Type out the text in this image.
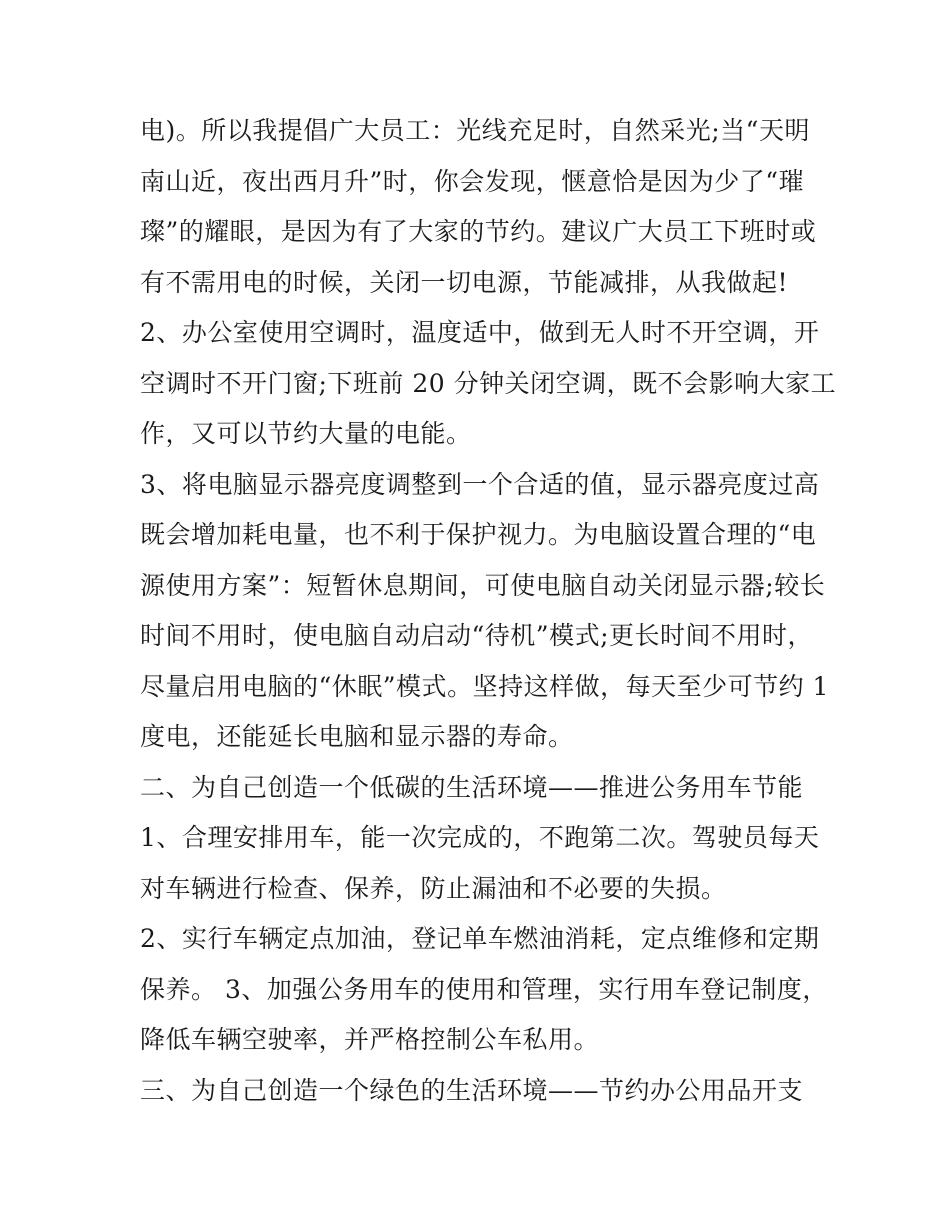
电)。所以我提倡广大员工：光线充足时，自然采光;当“天明
南山近，夜出西月升”时，你会发现，惬意恰是因为少了“璀
璨”的耀眼，是因为有了大家的节约。建议广大员工下班时或
有不需用电的时候，关闭一切电源，节能减排，从我做起!
2、办公室使用空调时，温度适中，做到无人时不开空调，开
空调时不开门窗;下班前 20 分钟关闭空调，既不会影响大家工
作，又可以节约大量的电能。
3、将电脑显示器亮度调整到一个合适的值，显示器亮度过高
既会增加耗电量，也不利于保护视力。为电脑设置合理的“电
源使用方案”：短暂休息期间，可使电脑自动关闭显示器;较长
时间不用时，使电脑自动启动“待机”模式;更长时间不用时，
尽量启用电脑的“休眠”模式。坚持这样做，每天至少可节约 1
度电，还能延长电脑和显示器的寿命。
二、为自己创造一个低碳的生活环境——推进公务用车节能
1、合理安排用车，能一次完成的，不跑第二次。驾驶员每天
对车辆进行检查、保养，防止漏油和不必要的失损。
2、实行车辆定点加油，登记单车燃油消耗，定点维修和定期
保养。 3、加强公务用车的使用和管理，实行用车登记制度，
降低车辆空驶率，并严格控制公车私用。
三、为自己创造一个绿色的生活环境——节约办公用品开支
